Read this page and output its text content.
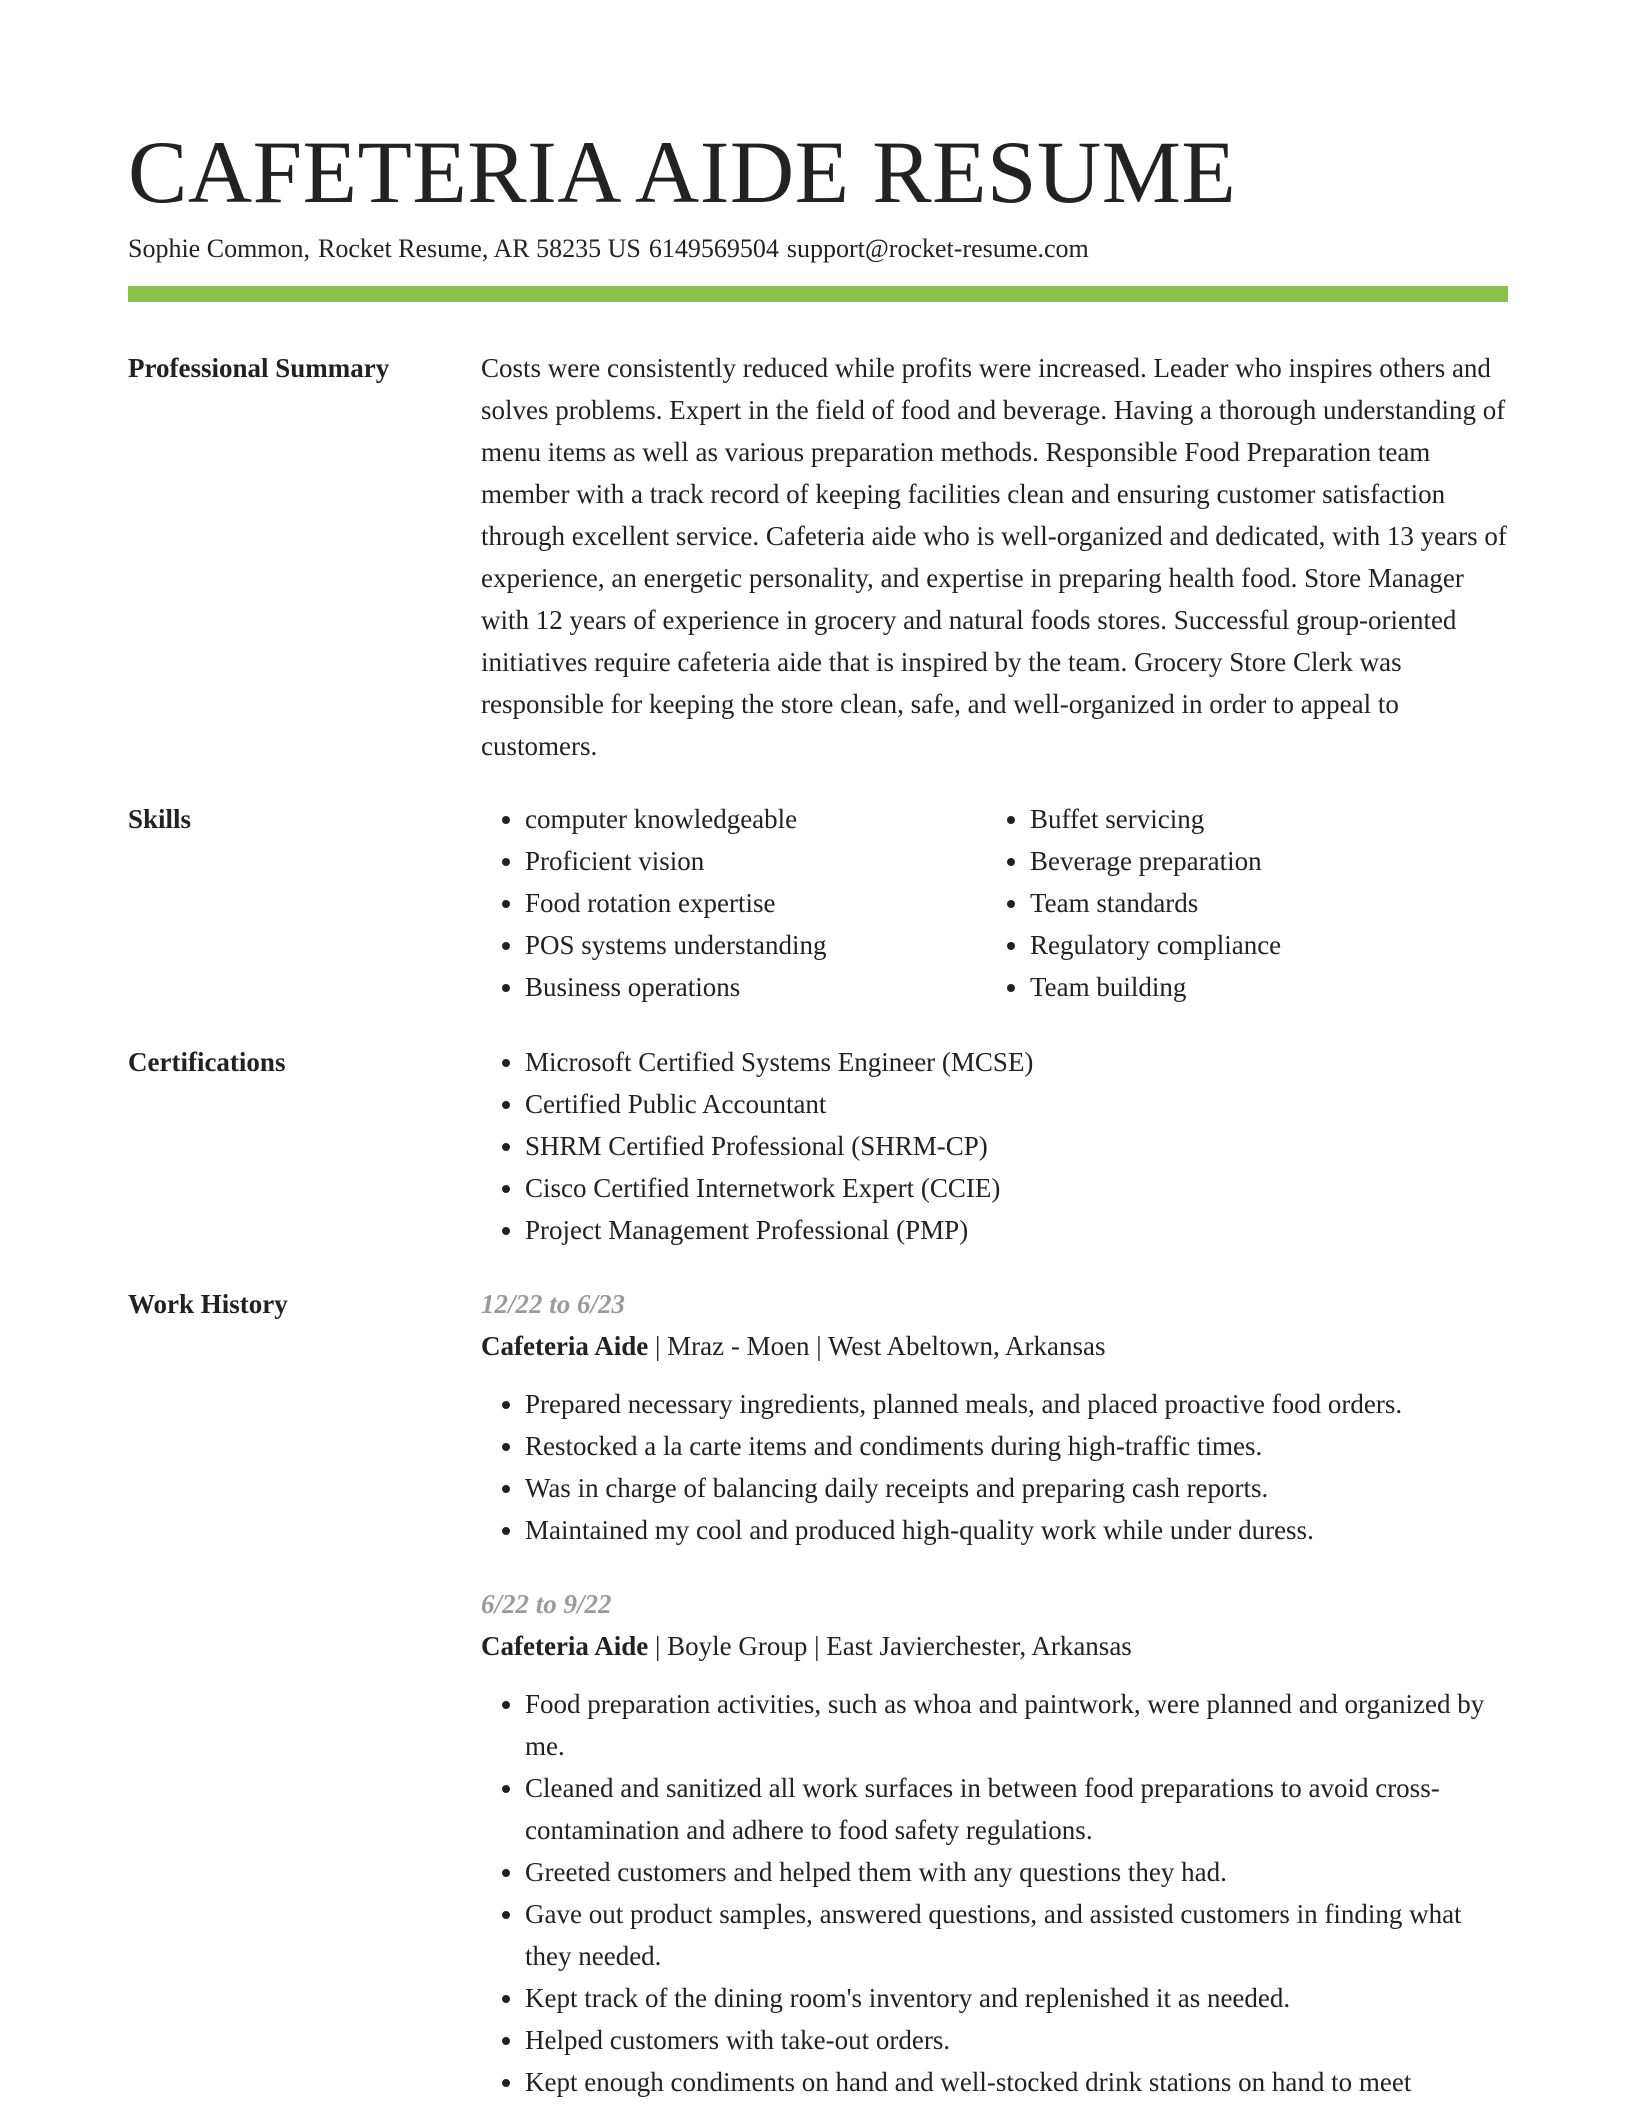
CAFETERIA AIDE RESUME
Sophie Common, Rocket Resume, AR 58235 US 6149569504 support@rocket-resume.com
Professional Summary	Costs were consistently reduced while profits were increased. Leader who inspires others and solves problems. Expert in the field of food and beverage. Having a thorough understanding of menu items as well as various preparation methods. Responsible Food Preparation team member with a track record of keeping facilities clean and ensuring customer satisfaction through excellent service. Cafeteria aide who is well-organized and dedicated, with 13 years of experience, an energetic personality, and expertise in preparing health food. Store Manager with 12 years of experience in grocery and natural foods stores. Successful group-oriented initiatives require cafeteria aide that is inspired by the team. Grocery Store Clerk was responsible for keeping the store clean, safe, and well-organized in order to appeal to customers.

Skills	• computer knowledgeable
• Proficient vision
• Food rotation expertise
• POS systems understanding
• Business operations
• Buffet servicing
• Beverage preparation
• Team standards
• Regulatory compliance
• Team building
Certifications	• Microsoft Certified Systems Engineer (MCSE)
• Certified Public Accountant
• SHRM Certified Professional (SHRM-CP)
• Cisco Certified Internetwork Expert (CCIE)
• Project Management Professional (PMP)
Work History	12/22 to 6/23
Cafeteria Aide | Mraz - Moen | West Abeltown, Arkansas
• Prepared necessary ingredients, planned meals, and placed proactive food orders.
• Restocked a la carte items and condiments during high-traffic times.
• Was in charge of balancing daily receipts and preparing cash reports.
• Maintained my cool and produced high-quality work while under duress.
6/22 to 9/22
Cafeteria Aide | Boyle Group | East Javierchester, Arkansas
• Food preparation activities, such as whoa and paintwork, were planned and organized by me.
• Cleaned and sanitized all work surfaces in between food preparations to avoid cross-contamination and adhere to food safety regulations.
• Greeted customers and helped them with any questions they had.
• Gave out product samples, answered questions, and assisted customers in finding what they needed.
• Kept track of the dining room's inventory and replenished it as needed.
• Helped customers with take-out orders.
• Kept enough condiments on hand and well-stocked drink stations on hand to meet
